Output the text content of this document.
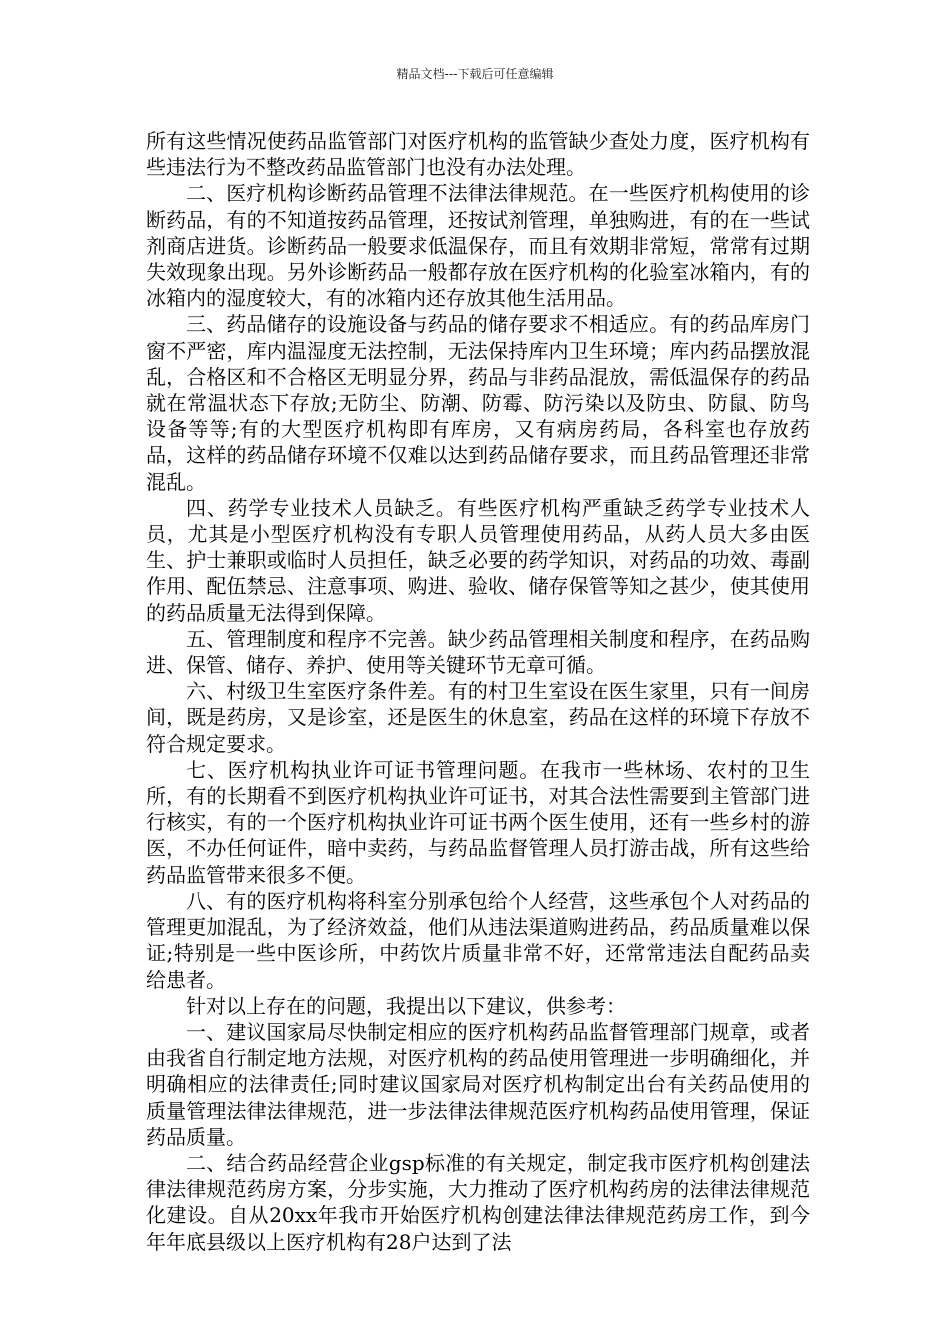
精品文档---下载后可任意编辑

所有这些情况使药品监管部门对医疗机构的监管缺少查处力度，医疗机构有些违法行为不整改药品监管部门也没有办法处理。

二、医疗机构诊断药品管理不法律法律规范。在一些医疗机构使用的诊断药品，有的不知道按药品管理，还按试剂管理，单独购进，有的在一些试剂商店进货。诊断药品一般要求低温保存，而且有效期非常短，常常有过期失效现象出现。另外诊断药品一般都存放在医疗机构的化验室冰箱内，有的冰箱内的湿度较大，有的冰箱内还存放其他生活用品。

三、药品储存的设施设备与药品的储存要求不相适应。有的药品库房门窗不严密，库内温湿度无法控制，无法保持库内卫生环境；库内药品摆放混乱，合格区和不合格区无明显分界，药品与非药品混放，需低温保存的药品就在常温状态下存放;无防尘、防潮、防霉、防污染以及防虫、防鼠、防鸟设备等等;有的大型医疗机构即有库房，又有病房药局，各科室也存放药品，这样的药品储存环境不仅难以达到药品储存要求，而且药品管理还非常混乱。

四、药学专业技术人员缺乏。有些医疗机构严重缺乏药学专业技术人员，尤其是小型医疗机构没有专职人员管理使用药品，从药人员大多由医生、护士兼职或临时人员担任，缺乏必要的药学知识，对药品的功效、毒副作用、配伍禁忌、注意事项、购进、验收、储存保管等知之甚少，使其使用的药品质量无法得到保障。

五、管理制度和程序不完善。缺少药品管理相关制度和程序，在药品购进、保管、储存、养护、使用等关键环节无章可循。

六、村级卫生室医疗条件差。有的村卫生室设在医生家里，只有一间房间，既是药房，又是诊室，还是医生的休息室，药品在这样的环境下存放不符合规定要求。

七、医疗机构执业许可证书管理问题。在我市一些林场、农村的卫生所，有的长期看不到医疗机构执业许可证书，对其合法性需要到主管部门进行核实，有的一个医疗机构执业许可证书两个医生使用，还有一些乡村的游医，不办任何证件，暗中卖药，与药品监督管理人员打游击战，所有这些给药品监管带来很多不便。

八、有的医疗机构将科室分别承包给个人经营，这些承包个人对药品的管理更加混乱，为了经济效益，他们从违法渠道购进药品，药品质量难以保证;特别是一些中医诊所，中药饮片质量非常不好，还常常违法自配药品卖给患者。

针对以上存在的问题，我提出以下建议，供参考：

一、建议国家局尽快制定相应的医疗机构药品监督管理部门规章，或者由我省自行制定地方法规，对医疗机构的药品使用管理进一步明确细化，并明确相应的法律责任;同时建议国家局对医疗机构制定出台有关药品使用的质量管理法律法律规范，进一步法律法律规范医疗机构药品使用管理，保证药品质量。

二、结合药品经营企业gsp标准的有关规定，制定我市医疗机构创建法律法律规范药房方案，分步实施，大力推动了医疗机构药房的法律法律规范化建设。自从20xx年我市开始医疗机构创建法律法律规范药房工作，到今年年底县级以上医疗机构有28户达到了法
